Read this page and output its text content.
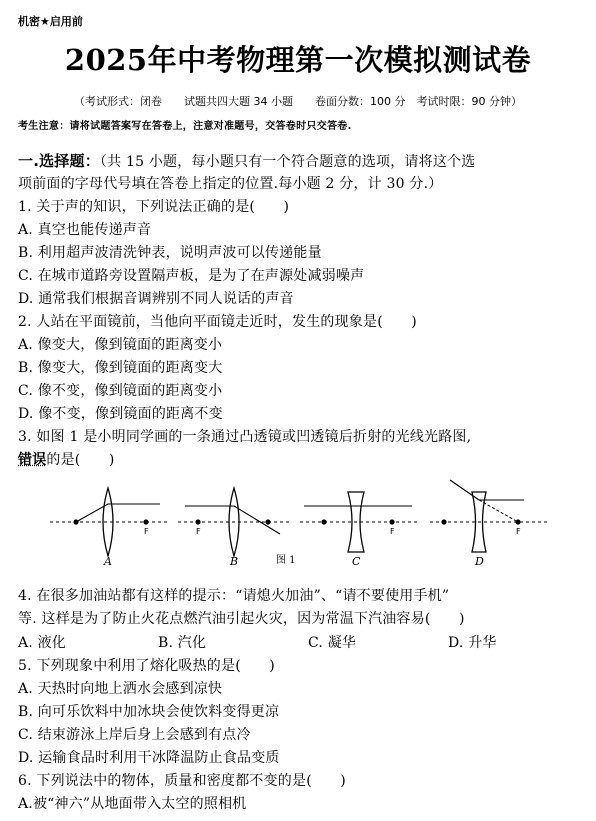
机密★启用前
2025年中考物理第一次模拟测试卷
（考试形式：闭卷　　试题共四大题 34 小题　　卷面分数：100 分　考试时限：90 分钟）
考生注意：请将试题答案写在答卷上，注意对准题号，交答卷时只交答卷.
一.选择题：（共 15 小题，每小题只有一个符合题意的选项，请将这个选
项前面的字母代号填在答卷上指定的位置.每小题 2 分，计 30 分.）
1. 关于声的知识，下列说法正确的是(　　)
A. 真空也能传递声音
B. 利用超声波清洗钟表，说明声波可以传递能量
C. 在城市道路旁设置隔声板，是为了在声源处减弱噪声
D. 通常我们根据音调辨别不同人说话的声音
2. 人站在平面镜前，当他向平面镜走近时，发生的现象是(　　)
A. 像变大，像到镜面的距离变小
B. 像变大，像到镜面的距离变大
C. 像不变，像到镜面的距离变小
D. 像不变，像到镜面的距离不变
3. 如图 1 是小明同学画的一条通过凸透镜或凹透镜后折射的光线光路图,
错误的是(　　)
F
A
F
B	图 1
F
C
F
D
4. 在很多加油站都有这样的提示：“请熄火加油”、“请不要使用手机”
等. 这样是为了防止火花点燃汽油引起火灾，因为常温下汽油容易(　　)
A. 液化	B. 汽化	C. 凝华	D. 升华
5. 下列现象中利用了熔化吸热的是(　　)
A. 天热时向地上洒水会感到凉快
B. 向可乐饮料中加冰块会使饮料变得更凉
C. 结束游泳上岸后身上会感到有点冷
D. 运输食品时利用干冰降温防止食品变质
6. 下列说法中的物体，质量和密度都不变的是(　　)
A.被“神六”从地面带入太空的照相机
